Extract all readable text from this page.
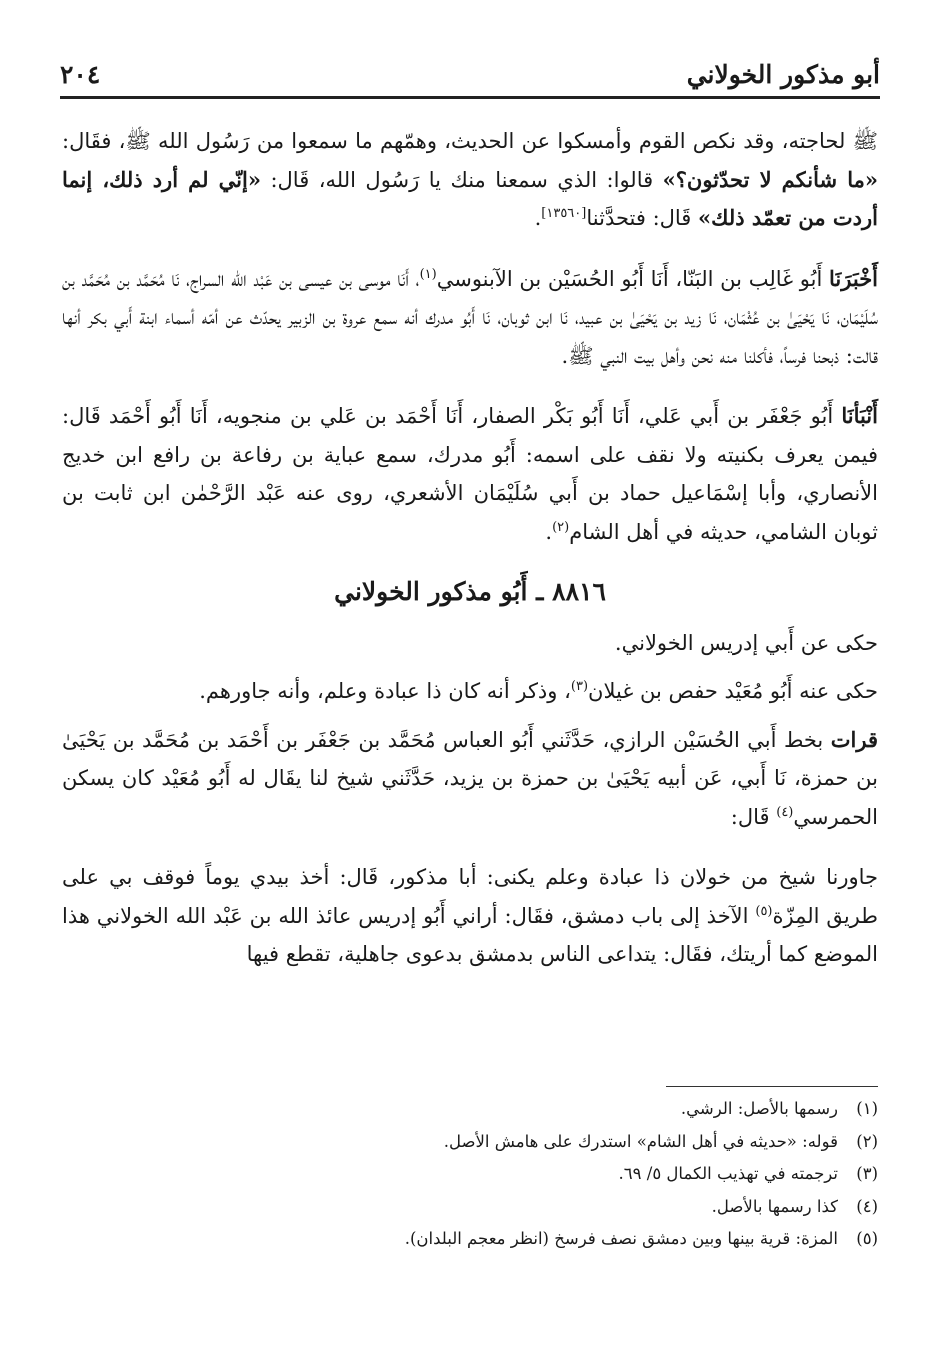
أبو مذكور الخولاني
٢٠٤

ﷺ لحاجته، وقد نكص القوم وأمسكوا عن الحديث، وهمّهم ما سمعوا من رَسُول الله ﷺ، فقَال: «ما شأنكم لا تحدّثون؟» قالوا: الذي سمعنا منك يا رَسُول الله، قَال: «إنّي لم أرد ذلك، إنما أردت من تعمّد ذلك» قَال: فتحدَّثنا[١٣٥٦٠].

أَخْبَرَنَا أَبُو غَالِب بن البَنّا، أَنَا أَبُو الحُسَيْن بن الآبنوسي$^{(١)}$، أَنَا موسى بن عيسى بن عَبْد الله السراج، نَا مُحَمَّد بن مُحَمَّد بن سُلَيْمَان، نَا يَحْيَىٰ بن عُثْمَان، نَا زيد بن يَحْيَىٰ بن عبيد، نَا ابن ثوبان، نَا أَبُو مدرك أنه سمع عروة بن الزبير يحدّث عن أمّه أسماء ابنة أَبي بكر أنها قالت: ذبحنا فرساً، فأكلنا منه نحن وأهل بيت النبي ﷺ.

أَنْبَأنَا أَبُو جَعْفَر بن أَبي عَلي، أَنَا أَبُو بَكْر الصفار، أَنَا أَحْمَد بن عَلي بن منجويه، أَنَا أَبُو أَحْمَد قَال: فيمن يعرف بكنيته ولا نقف على اسمه: أَبُو مدرك، سمع عباية بن رفاعة بن رافع ابن خديج الأنصاري، وأبا إسْمَاعيل حماد بن أَبي سُلَيْمَان الأشعري، روى عنه عَبْد الرَّحْمٰن ابن ثابت بن ثوبان الشامي، حديثه في أهل الشام$^{(٢)}$.

٨٨١٦ ـ أَبُو مذكور الخولاني

حكى عن أَبي إدريس الخولاني.

حكى عنه أَبُو مُعَيْد حفص بن غيلان$^{(٣)}$، وذكر أنه كان ذا عبادة وعلم، وأنه جاورهم.

قرات بخط أَبي الحُسَيْن الرازي، حَدَّثَني أَبُو العباس مُحَمَّد بن جَعْفَر بن أَحْمَد بن مُحَمَّد بن يَحْيَىٰ بن حمزة، نَا أَبي، عَن أبيه يَحْيَىٰ بن حمزة بن يزيد، حَدَّثَني شيخ لنا يقَال له أَبُو مُعَيْد كان يسكن الحمرسي$^{(٤)}$ قَال:

جاورنا شيخ من خولان ذا عبادة وعلم يكنى: أبا مذكور، قَال: أخذ بيدي يوماً فوقف بي على طريق المِزّة$^{(٥)}$ الآخذ إلى باب دمشق، فقَال: أراني أَبُو إدريس عائذ الله بن عَبْد الله الخولاني هذا الموضع كما أريتك، فقَال: يتداعى الناس بدمشق بدعوى جاهلية، تقطع فيها

(١)
رسمها بالأصل: الرشي.
(٢)
قوله: «حديثه في أهل الشام» استدرك على هامش الأصل.
(٣)
ترجمته في تهذيب الكمال ٥/ ٦٩.
(٤)
كذا رسمها بالأصل.
(٥)
المزة: قرية بينها وبين دمشق نصف فرسخ (انظر معجم البلدان).
